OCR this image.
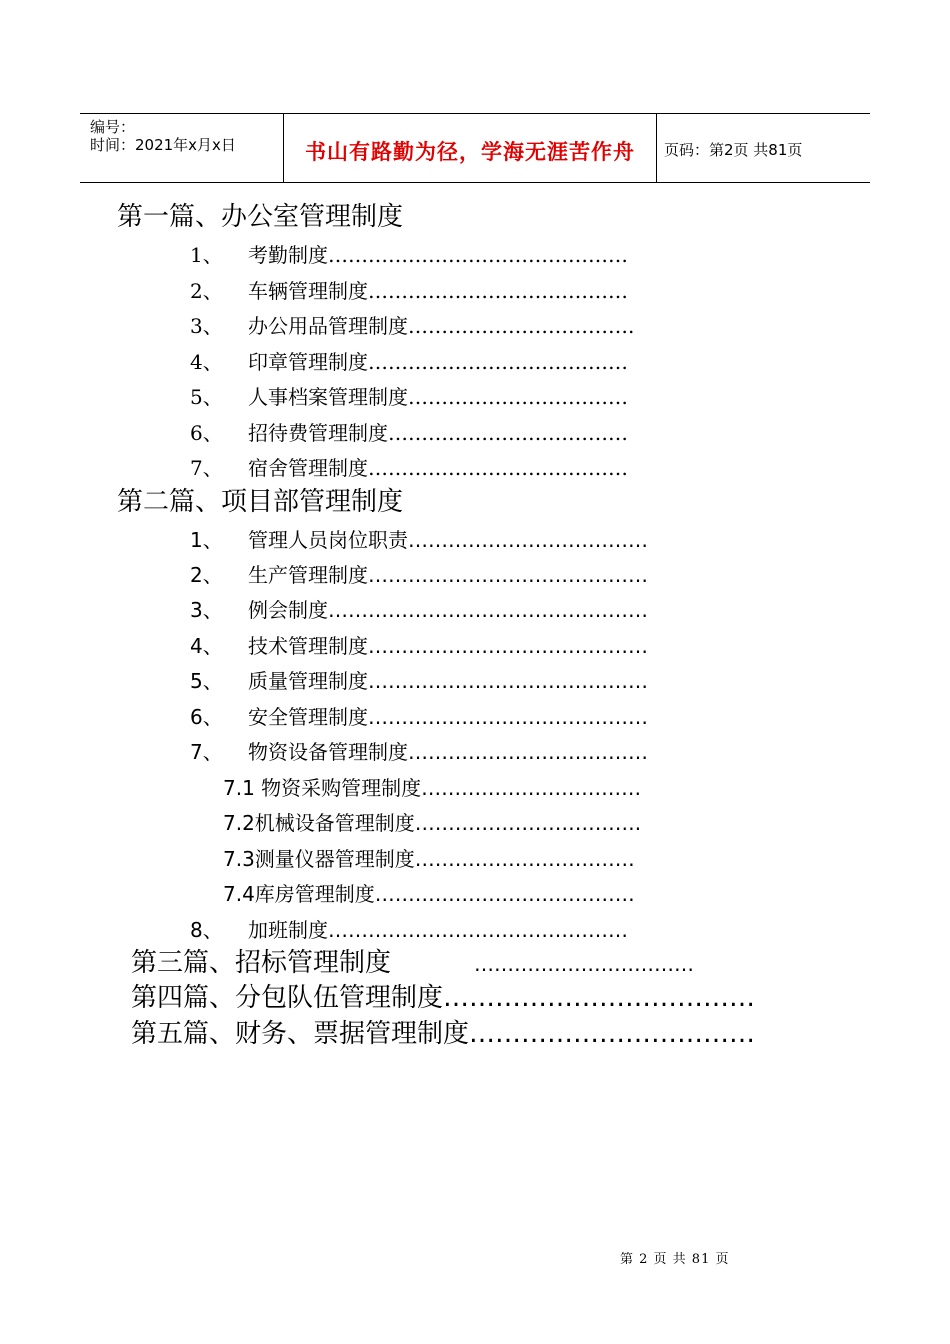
编号：
时间：2021年x月x日	书山有路勤为径，学海无涯苦作舟	页码：第2页 共81页
第一篇、办公室管理制度
1、 考勤制度………………………………………
2、 车辆管理制度…………………………………
3、 办公用品管理制度…………………………….
4、 印章管理制度…………………………………
5、 人事档案管理制度……………………………
6、 招待费管理制度………………………………
7、 宿舍管理制度…………………………………
第二篇、项目部管理制度
1、 管理人员岗位职责………………………………
2、 生产管理制度……………………………………
3、 例会制度…………………………………………
4、 技术管理制度……………………………………
5、 质量管理制度……………………………………
6、 安全管理制度……………………………………
7、 物资设备管理制度………………………………
7.1 物资采购管理制度……………………………
7.2机械设备管理制度…………………………….
7.3测量仪器管理制度……………………………
7.4库房管理制度…………………………………
8、 加班制度………………………………………
第三篇、招标管理制度	……………………………
第四篇、分包队伍管理制度………………………………
第五篇、财务、票据管理制度……………………………
第 2 页 共 81 页
